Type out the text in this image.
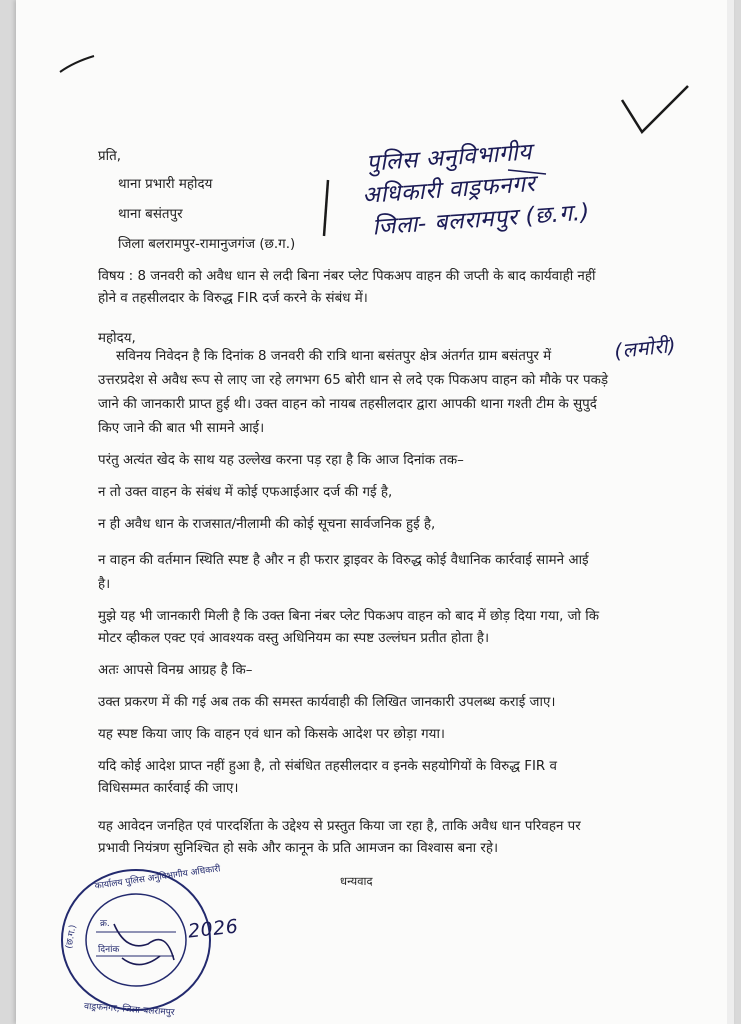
प्रति,
थाना प्रभारी महोदय
थाना बसंतपुर
जिला बलरामपुर-रामानुजगंज (छ.ग.)
पुलिस अनुविभागीय
अधिकारी वाड्रफनगर
जिला- बलरामपुर (छ.ग.)
विषय : 8 जनवरी को अवैध धान से लदी बिना नंबर प्लेट पिकअप वाहन की जप्ती के बाद कार्यवाही नहीं
होने व तहसीलदार के विरुद्ध FIR दर्ज करने के संबंध में।
महोदय,
सविनय निवेदन है कि दिनांक 8 जनवरी की रात्रि थाना बसंतपुर क्षेत्र अंतर्गत ग्राम बसंतपुर में	(लमोरी)
उत्तरप्रदेश से अवैध रूप से लाए जा रहे लगभग 65 बोरी धान से लदे एक पिकअप वाहन को मौके पर पकड़े
जाने की जानकारी प्राप्त हुई थी। उक्त वाहन को नायब तहसीलदार द्वारा आपकी थाना गश्ती टीम के सुपुर्द
किए जाने की बात भी सामने आई।
परंतु अत्यंत खेद के साथ यह उल्लेख करना पड़ रहा है कि आज दिनांक तक–
न तो उक्त वाहन के संबंध में कोई एफआईआर दर्ज की गई है,
न ही अवैध धान के राजसात/नीलामी की कोई सूचना सार्वजनिक हुई है,
न वाहन की वर्तमान स्थिति स्पष्ट है और न ही फरार ड्राइवर के विरुद्ध कोई वैधानिक कार्रवाई सामने आई
है।
मुझे यह भी जानकारी मिली है कि उक्त बिना नंबर प्लेट पिकअप वाहन को बाद में छोड़ दिया गया, जो कि
मोटर व्हीकल एक्ट एवं आवश्यक वस्तु अधिनियम का स्पष्ट उल्लंघन प्रतीत होता है।
अतः आपसे विनम्र आग्रह है कि–
उक्त प्रकरण में की गई अब तक की समस्त कार्यवाही की लिखित जानकारी उपलब्ध कराई जाए।
यह स्पष्ट किया जाए कि वाहन एवं धान को किसके आदेश पर छोड़ा गया।
यदि कोई आदेश प्राप्त नहीं हुआ है, तो संबंधित तहसीलदार व इनके सहयोगियों के विरुद्ध FIR व
विधिसम्मत कार्रवाई की जाए।
यह आवेदन जनहित एवं पारदर्शिता के उद्देश्य से प्रस्तुत किया जा रहा है, ताकि अवैध धान परिवहन पर
प्रभावी नियंत्रण सुनिश्चित हो सके और कानून के प्रति आमजन का विश्वास बना रहे।
धन्यवाद
कार्यालय पुलिस अनुविभागीय अधिकारी
(छ.ग.)
वाड्रफनगर, जिला-बलरामपुर
क्र.
दिनांक
2026
